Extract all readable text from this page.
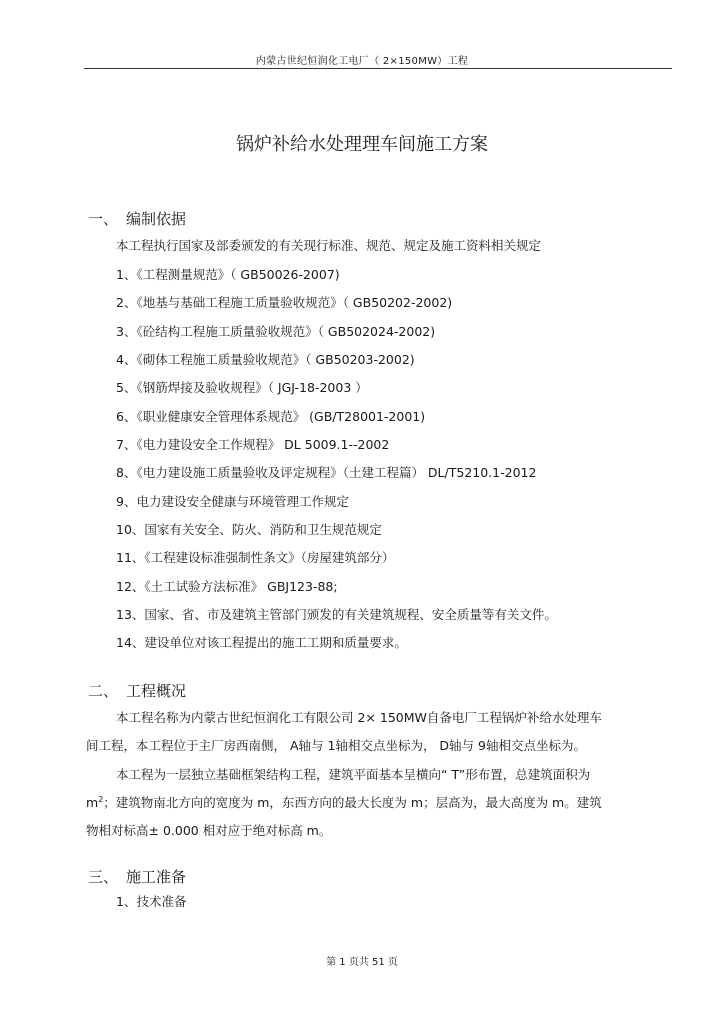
内蒙古世纪恒润化工电厂（ 2×150MW）工程
锅炉补给水处理理车间施工方案
一、 编制依据
本工程执行国家及部委颁发的有关现行标准、规范、规定及施工资料相关规定
1、《工程测量规范》（ GB50026-2007)
2、《地基与基础工程施工质量验收规范》（ GB50202-2002)
3、《砼结构工程施工质量验收规范》（ GB502024-2002)
4、《砌体工程施工质量验收规范》（ GB50203-2002)
5、《钢筋焊接及验收规程》（ JGJ-18-2003 ）
6、《职业健康安全管理体系规范》 (GB/T28001-2001)
7、《电力建设安全工作规程》 DL 5009.1--2002
8、《电力建设施工质量验收及评定规程》（土建工程篇） DL/T5210.1-2012
9、电力建设安全健康与环境管理工作规定
10、国家有关安全、防火、消防和卫生规范规定
11、《工程建设标准强制性条文》（房屋建筑部分）
12、《土工试验方法标准》 GBJ123-88;
13、国家、省、市及建筑主管部门颁发的有关建筑规程、安全质量等有关文件。
14、建设单位对该工程提出的施工工期和质量要求。
二、 工程概况
本工程名称为内蒙古世纪恒润化工有限公司 2× 150MW自备电厂工程锅炉补给水处理车
间工程，本工程位于主厂房西南侧， A轴与 1轴相交点坐标为， D轴与 9轴相交点坐标为。
本工程为一层独立基础框架结构工程，建筑平面基本呈横向“ T”形布置，总建筑面积为
$m^2$；建筑物南北方向的宽度为 m，东西方向的最大长度为 m；层高为，最大高度为 m。建筑
物相对标高± 0.000 相对应于绝对标高 m。
三、 施工准备
1、技术准备
第 1 页共 51 页
